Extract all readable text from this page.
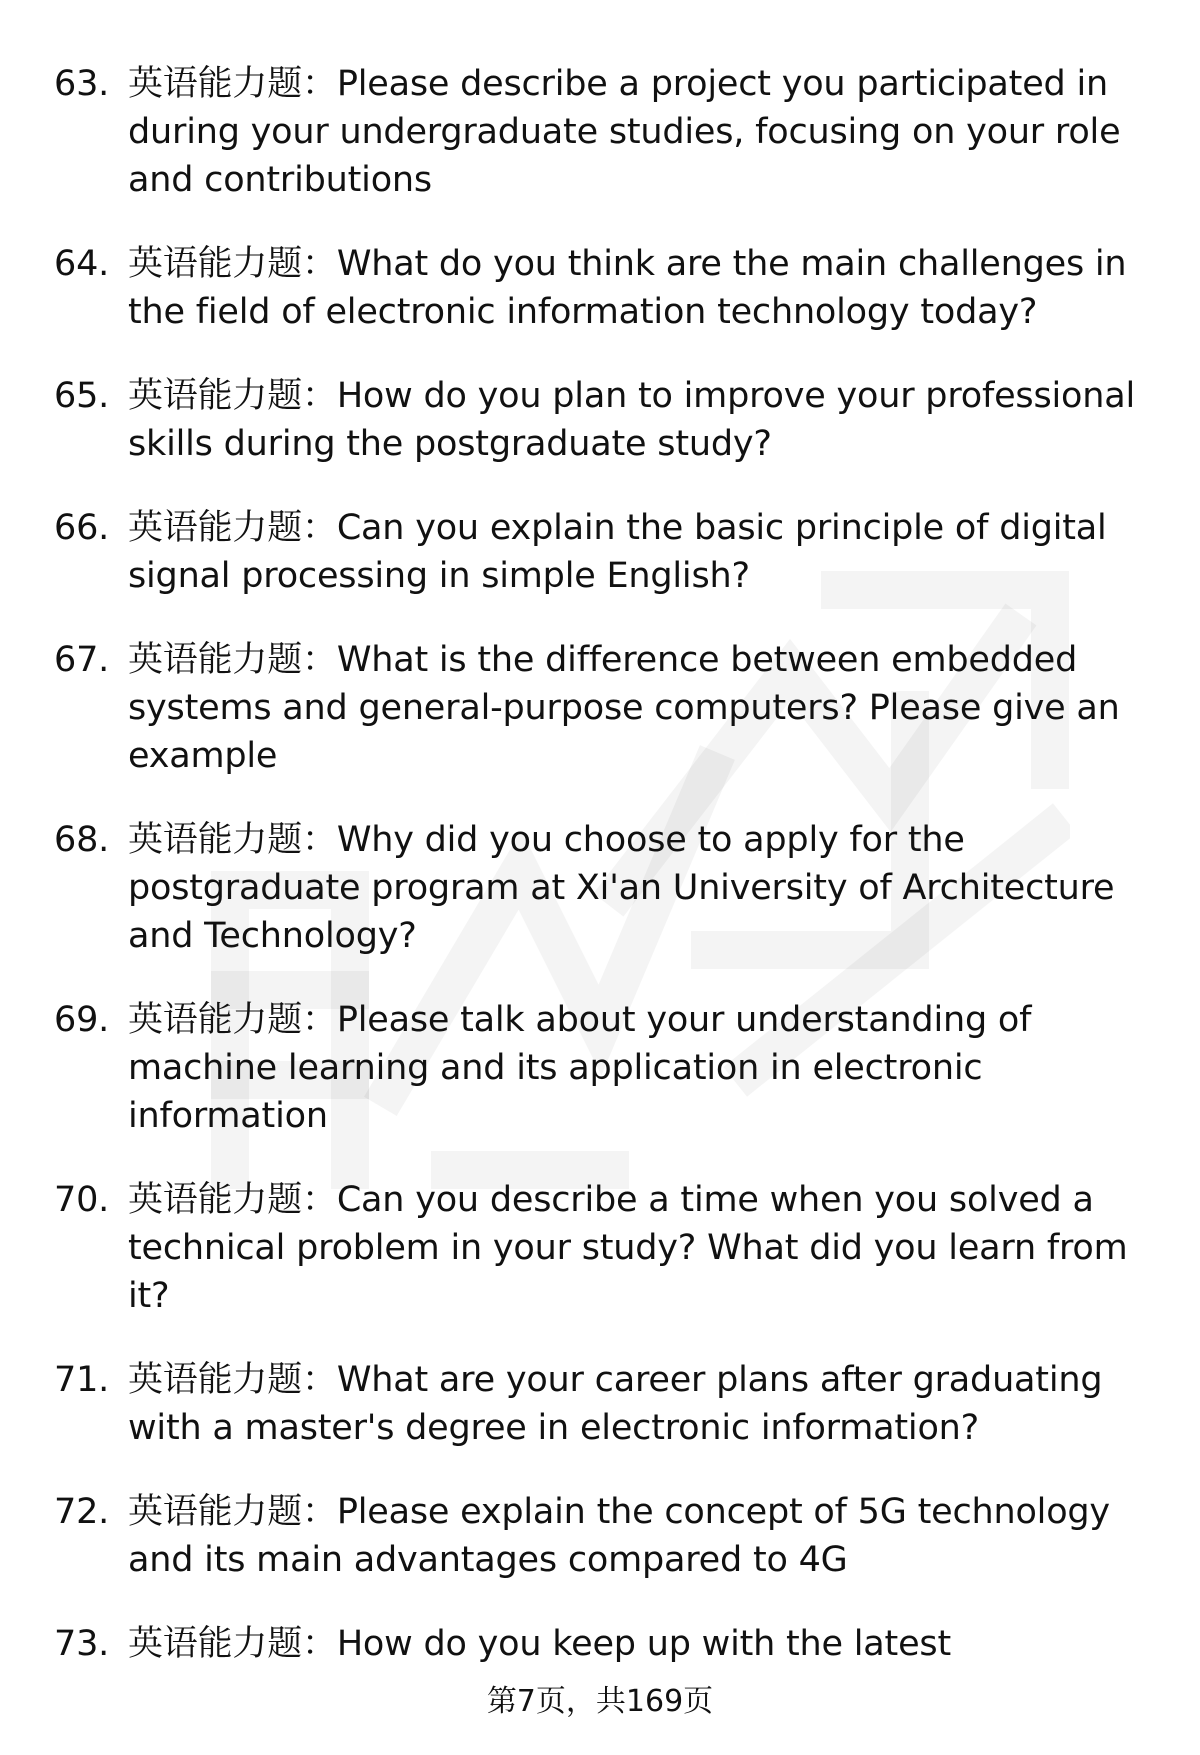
63. 英语能力题：Please describe a project you participated in during your undergraduate studies, focusing on your role and contributions
64. 英语能力题：What do you think are the main challenges in the field of electronic information technology today?
65. 英语能力题：How do you plan to improve your professional skills during the postgraduate study?
66. 英语能力题：Can you explain the basic principle of digital signal processing in simple English?
67. 英语能力题：What is the difference between embedded systems and general-purpose computers? Please give an example
68. 英语能力题：Why did you choose to apply for the postgraduate program at Xi'an University of Architecture and Technology?
69. 英语能力题：Please talk about your understanding of machine learning and its application in electronic information
70. 英语能力题：Can you describe a time when you solved a technical problem in your study? What did you learn from it?
71. 英语能力题：What are your career plans after graduating with a master's degree in electronic information?
72. 英语能力题：Please explain the concept of 5G technology and its main advantages compared to 4G
73. 英语能力题：How do you keep up with the latest
第7页，共169页
